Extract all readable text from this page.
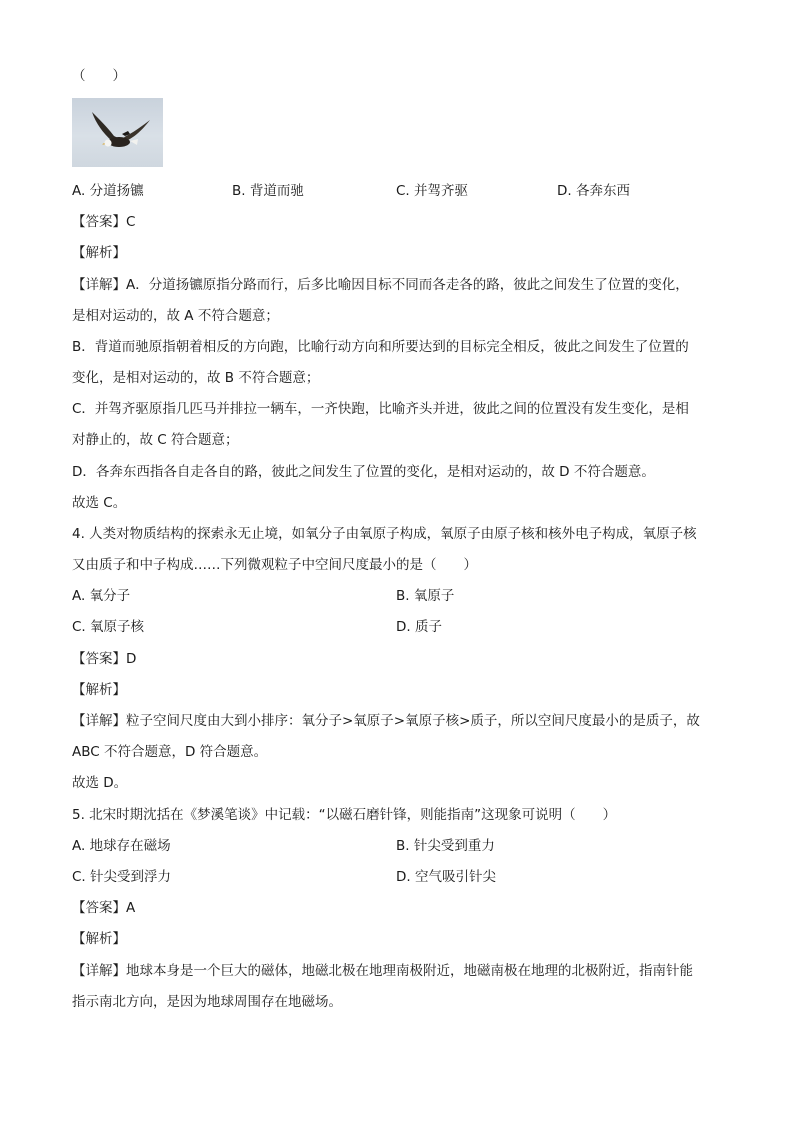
（　　）
A. 分道扬镳	B. 背道而驰	C. 并驾齐驱	D. 各奔东西
【答案】C
【解析】
【详解】A．分道扬镳原指分路而行，后多比喻因目标不同而各走各的路，彼此之间发生了位置的变化，
是相对运动的，故 A 不符合题意；
B．背道而驰原指朝着相反的方向跑，比喻行动方向和所要达到的目标完全相反，彼此之间发生了位置的
变化，是相对运动的，故 B 不符合题意；
C．并驾齐驱原指几匹马并排拉一辆车，一齐快跑，比喻齐头并进，彼此之间的位置没有发生变化，是相
对静止的，故 C 符合题意；
D．各奔东西指各自走各自的路，彼此之间发生了位置的变化，是相对运动的，故 D 不符合题意。
故选 C。
4. 人类对物质结构的探索永无止境，如氧分子由氧原子构成，氧原子由原子核和核外电子构成，氧原子核
又由质子和中子构成……下列微观粒子中空间尺度最小的是（　　）
A. 氧分子	B. 氧原子
C. 氧原子核	D. 质子
【答案】D
【解析】
【详解】粒子空间尺度由大到小排序：氧分子>氧原子>氧原子核>质子，所以空间尺度最小的是质子，故
ABC 不符合题意，D 符合题意。
故选 D。
5. 北宋时期沈括在《梦溪笔谈》中记载：“以磁石磨针锋，则能指南”这现象可说明（　　）
A. 地球存在磁场	B. 针尖受到重力
C. 针尖受到浮力	D. 空气吸引针尖
【答案】A
【解析】
【详解】地球本身是一个巨大的磁体，地磁北极在地理南极附近，地磁南极在地理的北极附近，指南针能
指示南北方向，是因为地球周围存在地磁场。
